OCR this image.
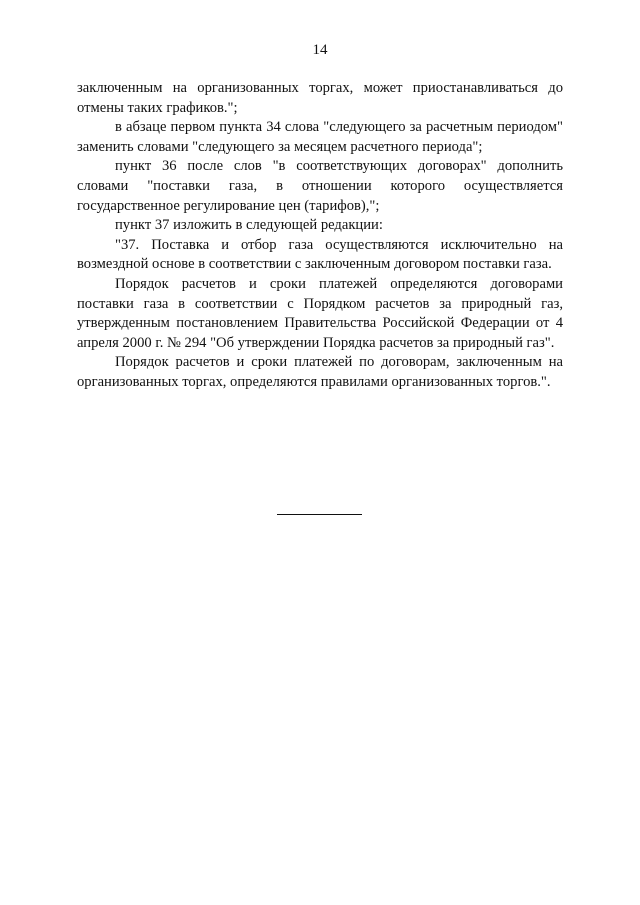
14

заключенным на организованных торгах, может приостанавливаться до отмены таких графиков.";

в абзаце первом пункта 34 слова "следующего за расчетным периодом" заменить словами "следующего за месяцем расчетного периода";

пункт 36 после слов "в соответствующих договорах" дополнить словами "поставки газа, в отношении которого осуществляется государственное регулирование цен (тарифов),";

пункт 37 изложить в следующей редакции:

"37. Поставка и отбор газа осуществляются исключительно на возмездной основе в соответствии с заключенным договором поставки газа.

Порядок расчетов и сроки платежей определяются договорами поставки газа в соответствии с Порядком расчетов за природный газ, утвержденным постановлением Правительства Российской Федерации от 4 апреля 2000 г. № 294 "Об утверждении Порядка расчетов за природный газ".

Порядок расчетов и сроки платежей по договорам, заключенным на организованных торгах, определяются правилами организованных торгов.".
